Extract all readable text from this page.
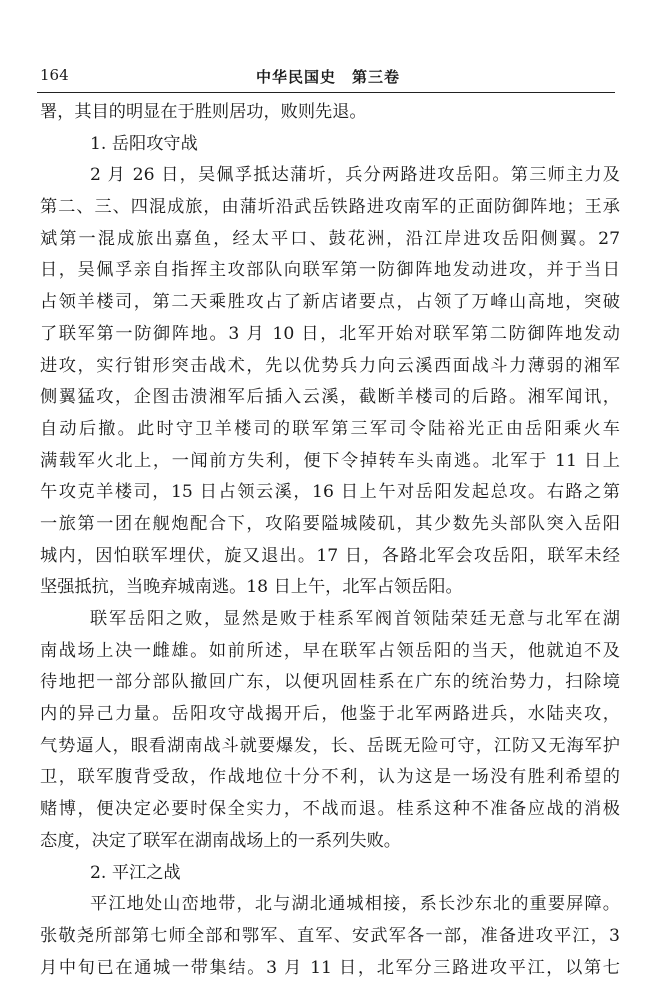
164	中华民国史　第三卷
署，其目的明显在于胜则居功，败则先退。
1. 岳阳攻守战
2 月 26 日，吴佩孚抵达蒲圻，兵分两路进攻岳阳。第三师主力及
第二、三、四混成旅，由蒲圻沿武岳铁路进攻南军的正面防御阵地；王承
斌第一混成旅出嘉鱼，经太平口、鼓花洲，沿江岸进攻岳阳侧翼。27
日，吴佩孚亲自指挥主攻部队向联军第一防御阵地发动进攻，并于当日
占领羊楼司，第二天乘胜攻占了新店诸要点，占领了万峰山高地，突破
了联军第一防御阵地。3 月 10 日，北军开始对联军第二防御阵地发动
进攻，实行钳形突击战术，先以优势兵力向云溪西面战斗力薄弱的湘军
侧翼猛攻，企图击溃湘军后插入云溪，截断羊楼司的后路。湘军闻讯，
自动后撤。此时守卫羊楼司的联军第三军司令陆裕光正由岳阳乘火车
满载军火北上，一闻前方失利，便下令掉转车头南逃。北军于 11 日上
午攻克羊楼司，15 日占领云溪，16 日上午对岳阳发起总攻。右路之第
一旅第一团在舰炮配合下，攻陷要隘城陵矶，其少数先头部队突入岳阳
城内，因怕联军埋伏，旋又退出。17 日，各路北军会攻岳阳，联军未经
坚强抵抗，当晚弃城南逃。18 日上午，北军占领岳阳。
联军岳阳之败，显然是败于桂系军阀首领陆荣廷无意与北军在湖
南战场上决一雌雄。如前所述，早在联军占领岳阳的当天，他就迫不及
待地把一部分部队撤回广东，以便巩固桂系在广东的统治势力，扫除境
内的异己力量。岳阳攻守战揭开后，他鉴于北军两路进兵，水陆夹攻，
气势逼人，眼看湖南战斗就要爆发，长、岳既无险可守，江防又无海军护
卫，联军腹背受敌，作战地位十分不利，认为这是一场没有胜利希望的
赌博，便决定必要时保全实力，不战而退。桂系这种不准备应战的消极
态度，决定了联军在湖南战场上的一系列失败。
2. 平江之战
平江地处山峦地带，北与湖北通城相接，系长沙东北的重要屏障。
张敬尧所部第七师全部和鄂军、直军、安武军各一部，准备进攻平江，3
月中旬已在通城一带集结。3 月 11 日，北军分三路进攻平江，以第七
